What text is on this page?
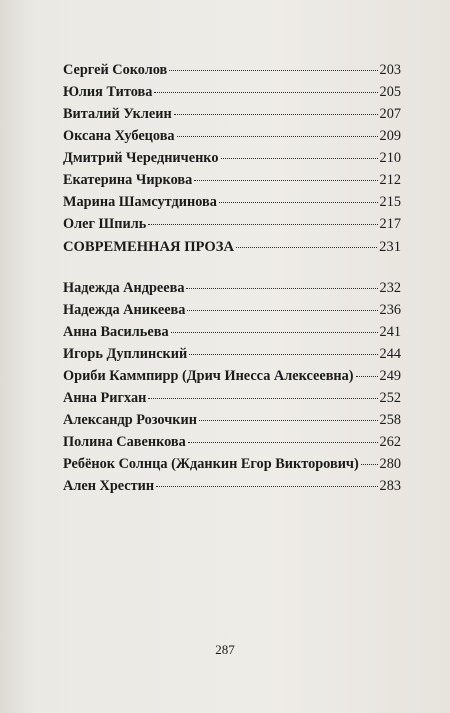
Сергей Соколов	203
Юлия Титова	205
Виталий Уклеин	207
Оксана Хубецова	209
Дмитрий Чередниченко	210
Екатерина Чиркова	212
Марина Шамсутдинова	215
Олег Шпиль	217
СОВРЕМЕННАЯ ПРОЗА	231
Надежда Андреева	232
Надежда Аникеева	236
Анна Васильева	241
Игорь Дуплинский	244
Ориби Каммпирр (Дрич Инесса Алексеевна) 249
Анна Ригхан	252
Александр Розочкин	258
Полина Савенкова	262
Ребёнок Солнца (Жданкин Егор Викторович) 280
Ален Хрестин	283
287
